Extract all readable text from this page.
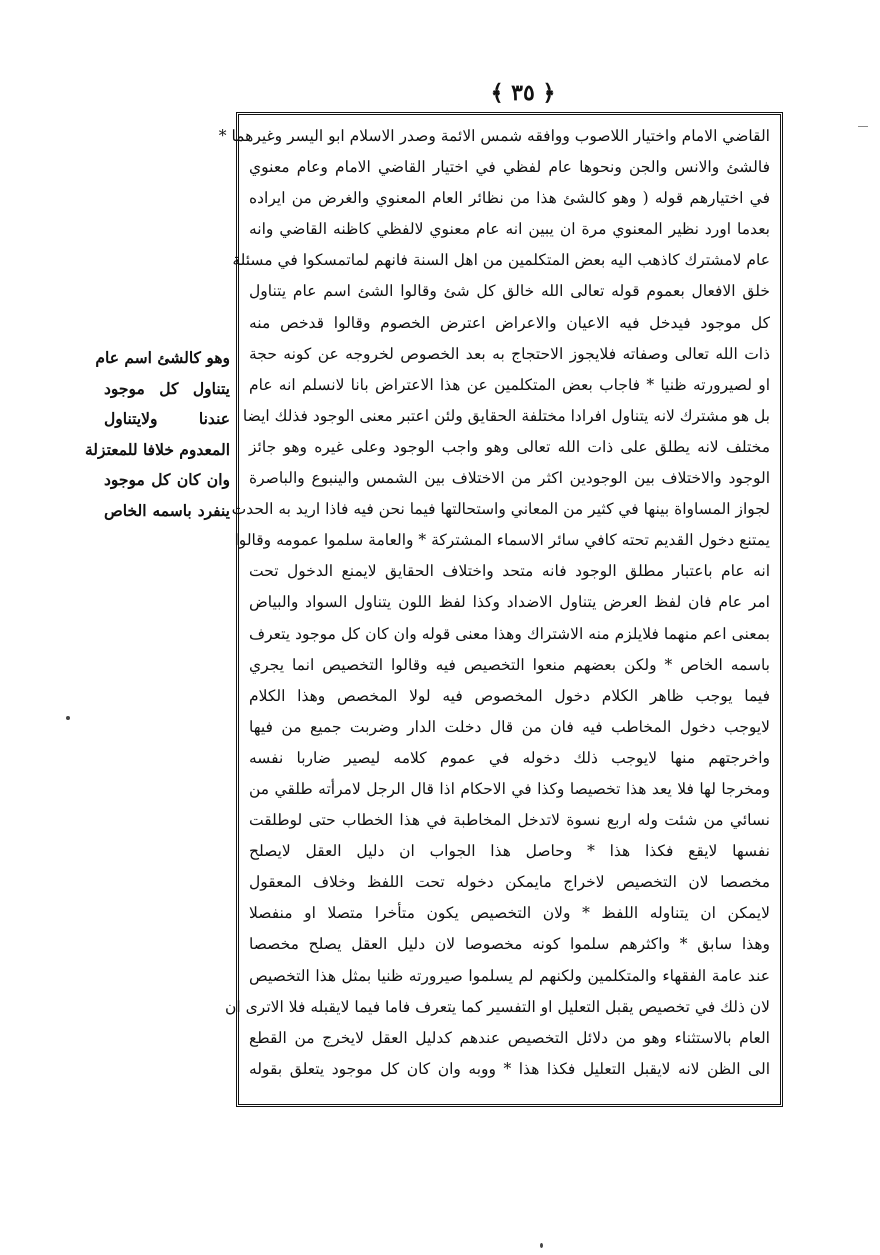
﴿ ٣٥ ﴾
القاضي الامام واختيار اللاصوب ووافقه شمس الائمة وصدر الاسلام ابو اليسر وغيرهما *
فالشئ والانس والجن ونحوها عام لفظي في اختيار القاضي الامام وعام معنوي
في اختيارهم قوله ( وهو كالشئ هذا من نظائر العام المعنوي والغرض من ايراده
بعدما اورد نظير المعنوي مرة ان يبين انه عام معنوي لالفظي كاظنه القاضي وانه
عام لامشترك كاذهب اليه بعض المتكلمين من اهل السنة فانهم لماتمسكوا في مسئلة
خلق الافعال بعموم قوله تعالى الله خالق كل شئ وقالوا الشئ اسم عام يتناول
كل موجود فيدخل فيه الاعيان والاعراض اعترض الخصوم وقالوا قدخص منه
ذات الله تعالى وصفاته فلايجوز الاحتجاج به بعد الخصوص لخروجه عن كونه حجة
او لصيرورته ظنيا * فاجاب بعض المتكلمين عن هذا الاعتراض بانا لانسلم انه عام
بل هو مشترك لانه يتناول افرادا مختلفة الحقايق ولئن اعتبر معنى الوجود فذلك ايضا
مختلف لانه يطلق على ذات الله تعالى وهو واجب الوجود وعلى غيره وهو جائز
الوجود والاختلاف بين الوجودين اكثر من الاختلاف بين الشمس والينبوع والباصرة
لجواز المساواة بينها في كثير من المعاني واستحالتها فيما نحن فيه فاذا اريد به الحدث
يمتنع دخول القديم تحته كافي سائر الاسماء المشتركة * والعامة سلموا عمومه وقالوا
انه عام باعتبار مطلق الوجود فانه متحد واختلاف الحقايق لايمنع الدخول تحت
امر عام فان لفظ العرض يتناول الاضداد وكذا لفظ اللون يتناول السواد والبياض
بمعنى اعم منهما فلايلزم منه الاشتراك وهذا معنى قوله وان كان كل موجود يتعرف
باسمه الخاص * ولكن بعضهم منعوا التخصيص فيه وقالوا التخصيص انما يجري
فيما يوجب ظاهر الكلام دخول المخصوص فيه لولا المخصص وهذا الكلام
لايوجب دخول المخاطب فيه فان من قال دخلت الدار وضربت جميع من فيها
واخرجتهم منها لايوجب ذلك دخوله في عموم كلامه ليصير ضاربا نفسه
ومخرجا لها فلا يعد هذا تخصيصا وكذا في الاحكام اذا قال الرجل لامرأته طلقي من
نسائي من شئت وله اربع نسوة لاتدخل المخاطبة في هذا الخطاب حتى لوطلقت
نفسها لايقع فكذا هذا * وحاصل هذا الجواب ان دليل العقل لايصلح
مخصصا لان التخصيص لاخراج مايمكن دخوله تحت اللفظ وخلاف المعقول
لايمكن ان يتناوله اللفظ * ولان التخصيص يكون متأخرا متصلا او منفصلا
وهذا سابق * واكثرهم سلموا كونه مخصوصا لان دليل العقل يصلح مخصصا
عند عامة الفقهاء والمتكلمين ولكنهم لم يسلموا صيرورته ظنيا بمثل هذا التخصيص
لان ذلك في تخصيص يقبل التعليل او التفسير كما يتعرف فاما فيما لايقبله فلا الاترى ان
العام بالاستثناء وهو من دلائل التخصيص عندهم كدليل العقل لايخرج من القطع
الى الظن لانه لايقبل التعليل فكذا هذا * ووبه وان كان كل موجود يتعلق بقوله
وهو كالشئ اسم عام
يتناول كل موجود
عندنا ولايتناول
المعدوم خلافا للمعتزلة
وان كان كل موجود
ينفرد باسمه الخاص
